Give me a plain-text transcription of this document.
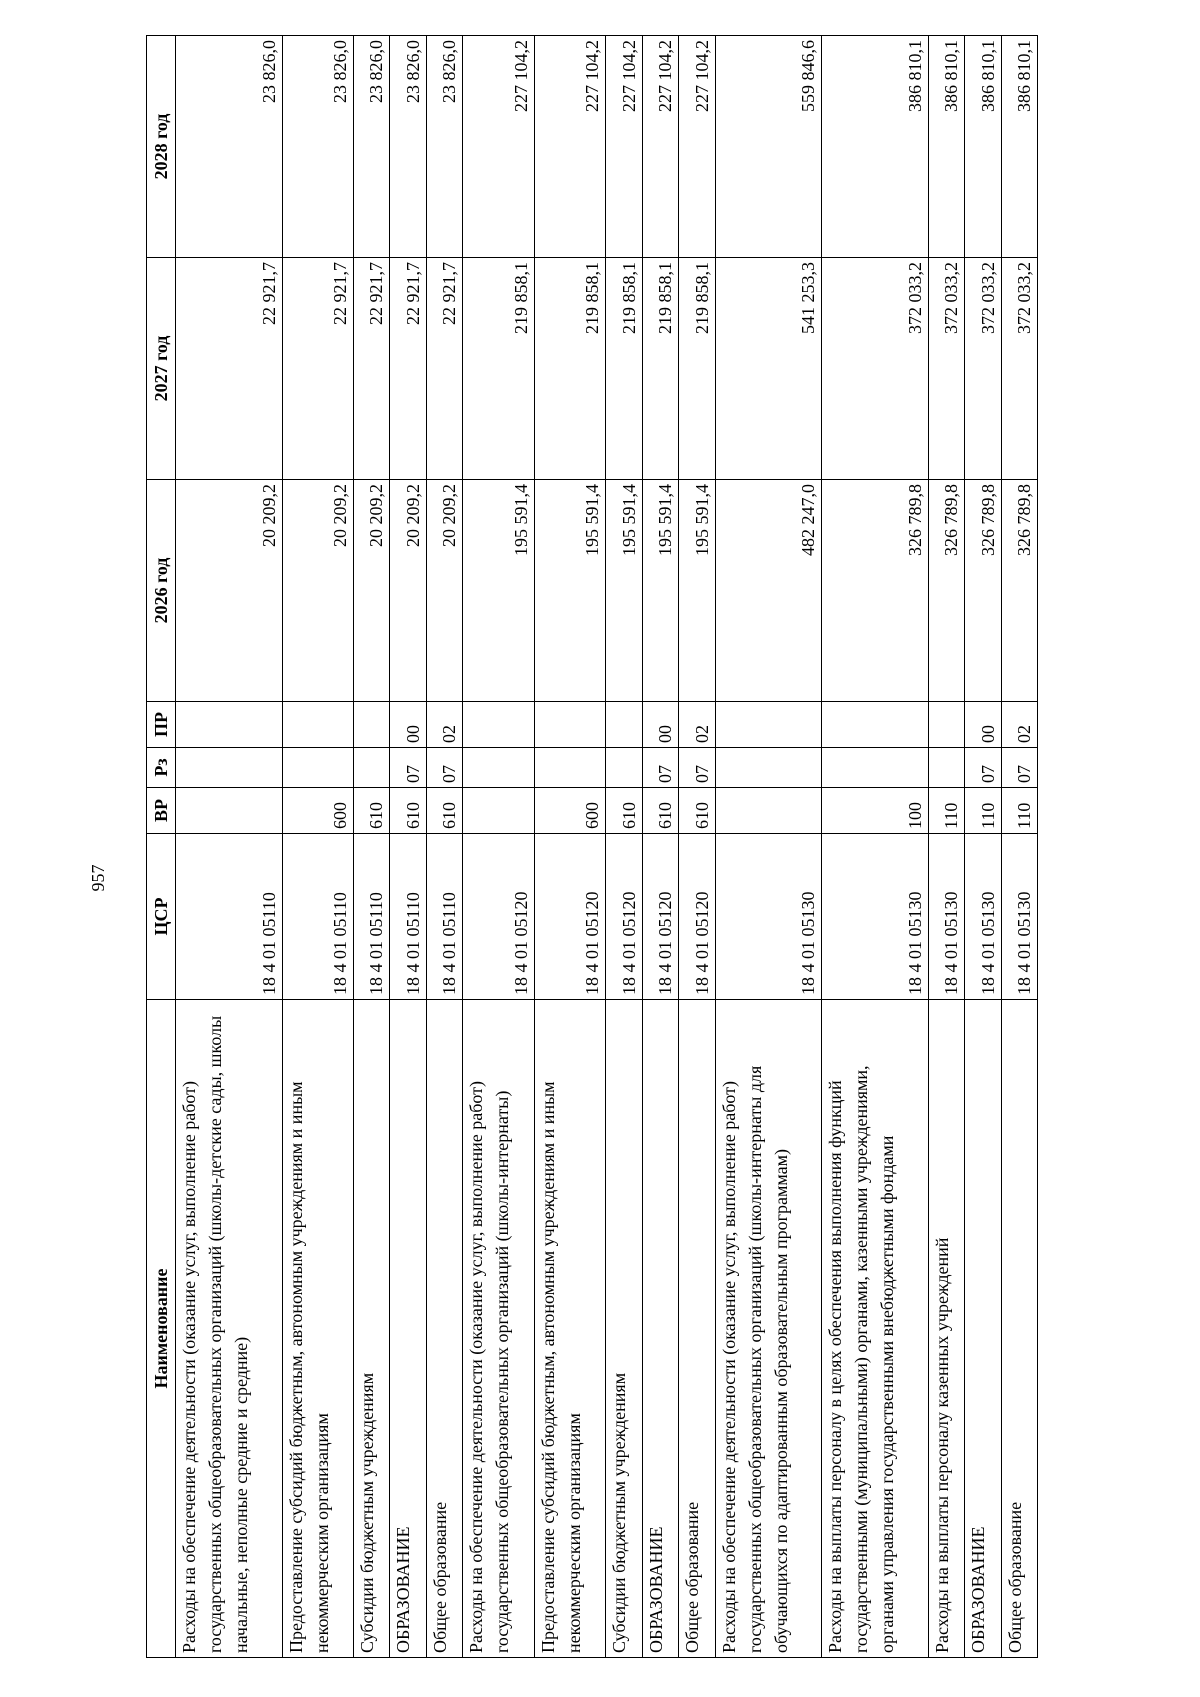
957
Наименование	ЦСР	ВР	Рз	ПР	2026 год	2027 год	2028 год
Расходы на обеспечение деятельности (оказание услуг, выполнение работ) государственных общеобразовательных организаций (школы-детские сады, школы начальные, неполные средние и средние)	18 4 01 05110				20 209,2	22 921,7	23 826,0
Предоставление субсидий бюджетным, автономным учреждениям и иным некоммерческим организациям	18 4 01 05110	600			20 209,2	22 921,7	23 826,0
Субсидии бюджетным учреждениям	18 4 01 05110	610			20 209,2	22 921,7	23 826,0
ОБРАЗОВАНИЕ	18 4 01 05110	610	07	00	20 209,2	22 921,7	23 826,0
Общее образование	18 4 01 05110	610	07	02	20 209,2	22 921,7	23 826,0
Расходы на обеспечение деятельности (оказание услуг, выполнение работ) государственных общеобразовательных организаций (школы-интернаты)	18 4 01 05120				195 591,4	219 858,1	227 104,2
Предоставление субсидий бюджетным, автономным учреждениям и иным некоммерческим организациям	18 4 01 05120	600			195 591,4	219 858,1	227 104,2
Субсидии бюджетным учреждениям	18 4 01 05120	610			195 591,4	219 858,1	227 104,2
ОБРАЗОВАНИЕ	18 4 01 05120	610	07	00	195 591,4	219 858,1	227 104,2
Общее образование	18 4 01 05120	610	07	02	195 591,4	219 858,1	227 104,2
Расходы на обеспечение деятельности (оказание услуг, выполнение работ) государственных общеобразовательных организаций (школы-интернаты для обучающихся по адаптированным образовательным программам)	18 4 01 05130				482 247,0	541 253,3	559 846,6
Расходы на выплаты персоналу в целях обеспечения выполнения функций государственными (муниципальными) органами, казенными учреждениями, органами управления государственными внебюджетными фондами	18 4 01 05130	100			326 789,8	372 033,2	386 810,1
Расходы на выплаты персоналу казенных учреждений	18 4 01 05130	110			326 789,8	372 033,2	386 810,1
ОБРАЗОВАНИЕ	18 4 01 05130	110	07	00	326 789,8	372 033,2	386 810,1
Общее образование	18 4 01 05130	110	07	02	326 789,8	372 033,2	386 810,1
